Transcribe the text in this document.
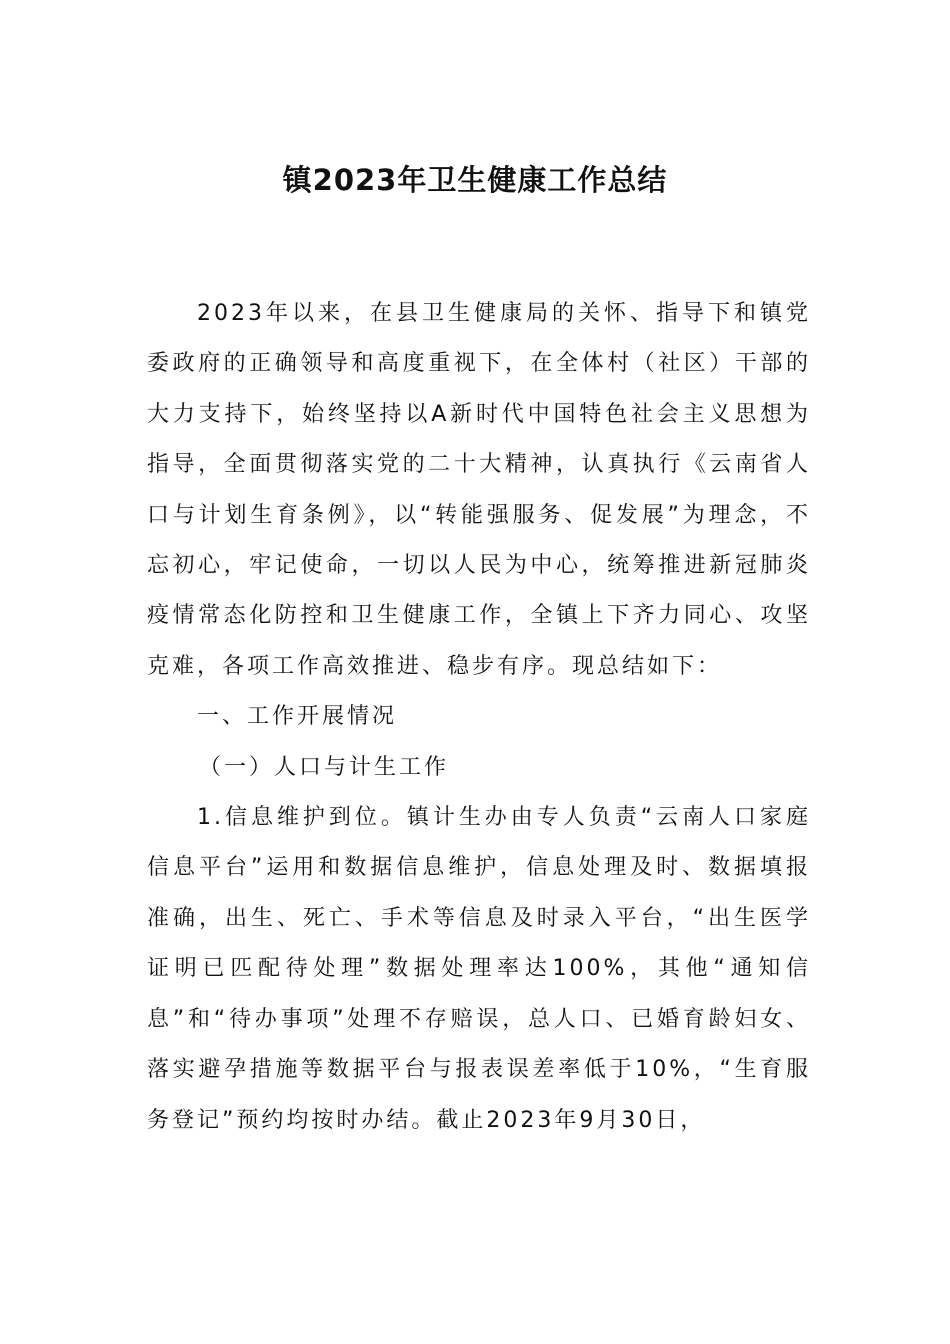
镇2023年卫生健康工作总结

2023年以来，在县卫生健康局的关怀、指导下和镇党委政府的正确领导和高度重视下，在全体村（社区）干部的大力支持下，始终坚持以A新时代中国特色社会主义思想为指导，全面贯彻落实党的二十大精神，认真执行《云南省人口与计划生育条例》，以“转能强服务、促发展”为理念，不忘初心，牢记使命，一切以人民为中心，统筹推进新冠肺炎疫情常态化防控和卫生健康工作，全镇上下齐力同心、攻坚克难，各项工作高效推进、稳步有序。现总结如下：

一、工作开展情况

（一）人口与计生工作

1.信息维护到位。镇计生办由专人负责“云南人口家庭信息平台”运用和数据信息维护，信息处理及时、数据填报准确，出生、死亡、手术等信息及时录入平台，“出生医学证明已匹配待处理”数据处理率达100%，其他“通知信息”和“待办事项”处理不存赔误，总人口、已婚育龄妇女、落实避孕措施等数据平台与报表误差率低于10%，“生育服务登记”预约均按时办结。截止2023年9月30日，
